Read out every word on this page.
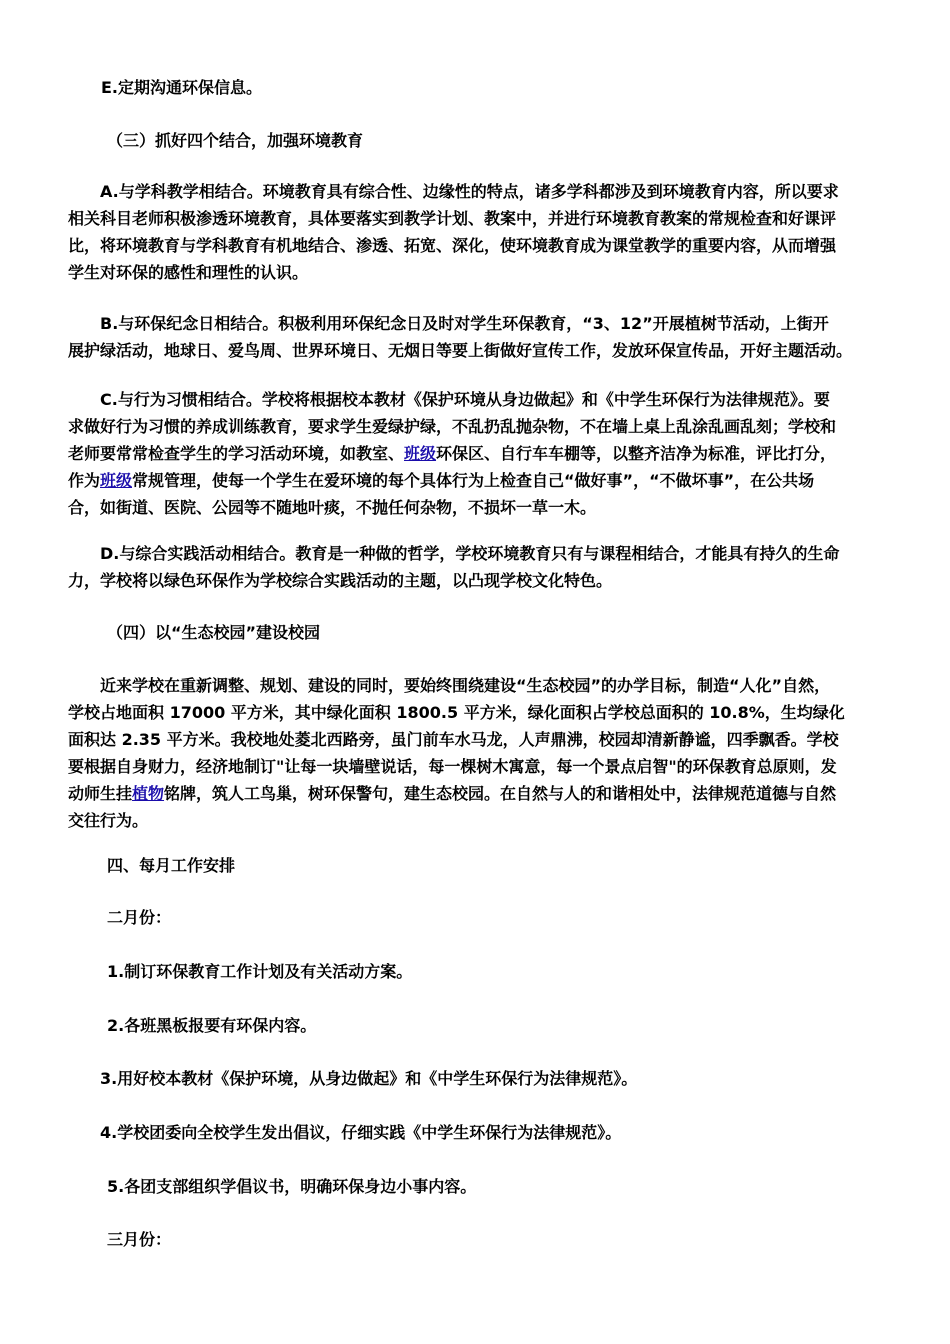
E.定期沟通环保信息。
（三）抓好四个结合，加强环境教育
A.与学科教学相结合。环境教育具有综合性、边缘性的特点，诸多学科都涉及到环境教育内容，所以要求
相关科目老师积极渗透环境教育，具体要落实到教学计划、教案中，并进行环境教育教案的常规检查和好课评
比，将环境教育与学科教育有机地结合、渗透、拓宽、深化，使环境教育成为课堂教学的重要内容，从而增强
学生对环保的感性和理性的认识。
B.与环保纪念日相结合。积极利用环保纪念日及时对学生环保教育，“3、12”开展植树节活动，上街开
展护绿活动，地球日、爱鸟周、世界环境日、无烟日等要上街做好宣传工作，发放环保宣传品，开好主题活动。
C.与行为习惯相结合。学校将根据校本教材《保护环境从身边做起》和《中学生环保行为法律规范》。要
求做好行为习惯的养成训练教育，要求学生爱绿护绿，不乱扔乱抛杂物，不在墙上桌上乱涂乱画乱刻；学校和
老师要常常检查学生的学习活动环境，如教室、班级环保区、自行车车棚等，以整齐洁净为标准，评比打分，
作为班级常规管理，使每一个学生在爱环境的每个具体行为上检查自己“做好事”，“不做坏事”，在公共场
合，如街道、医院、公园等不随地叶痰，不抛任何杂物，不损坏一草一木。
D.与综合实践活动相结合。教育是一种做的哲学，学校环境教育只有与课程相结合，才能具有持久的生命
力，学校将以绿色环保作为学校综合实践活动的主题，以凸现学校文化特色。
（四）以“生态校园”建设校园
近来学校在重新调整、规划、建设的同时，要始终围绕建设“生态校园”的办学目标，制造“人化”自然，
学校占地面积 17000 平方米，其中绿化面积 1800.5 平方米，绿化面积占学校总面积的 10.8%，生均绿化
面积达 2.35 平方米。我校地处菱北西路旁，虽门前车水马龙，人声鼎沸，校园却清新静谧，四季飘香。学校
要根据自身财力，经济地制订"让每一块墙壁说话，每一棵树木寓意，每一个景点启智"的环保教育总原则，发
动师生挂植物铭牌，筑人工鸟巢，树环保警句，建生态校园。在自然与人的和谐相处中，法律规范道德与自然
交往行为。
四、每月工作安排
二月份：
1.制订环保教育工作计划及有关活动方案。
2.各班黑板报要有环保内容。
3.用好校本教材《保护环境，从身边做起》和《中学生环保行为法律规范》。
4.学校团委向全校学生发出倡议，仔细实践《中学生环保行为法律规范》。
5.各团支部组织学倡议书，明确环保身边小事内容。
三月份：
